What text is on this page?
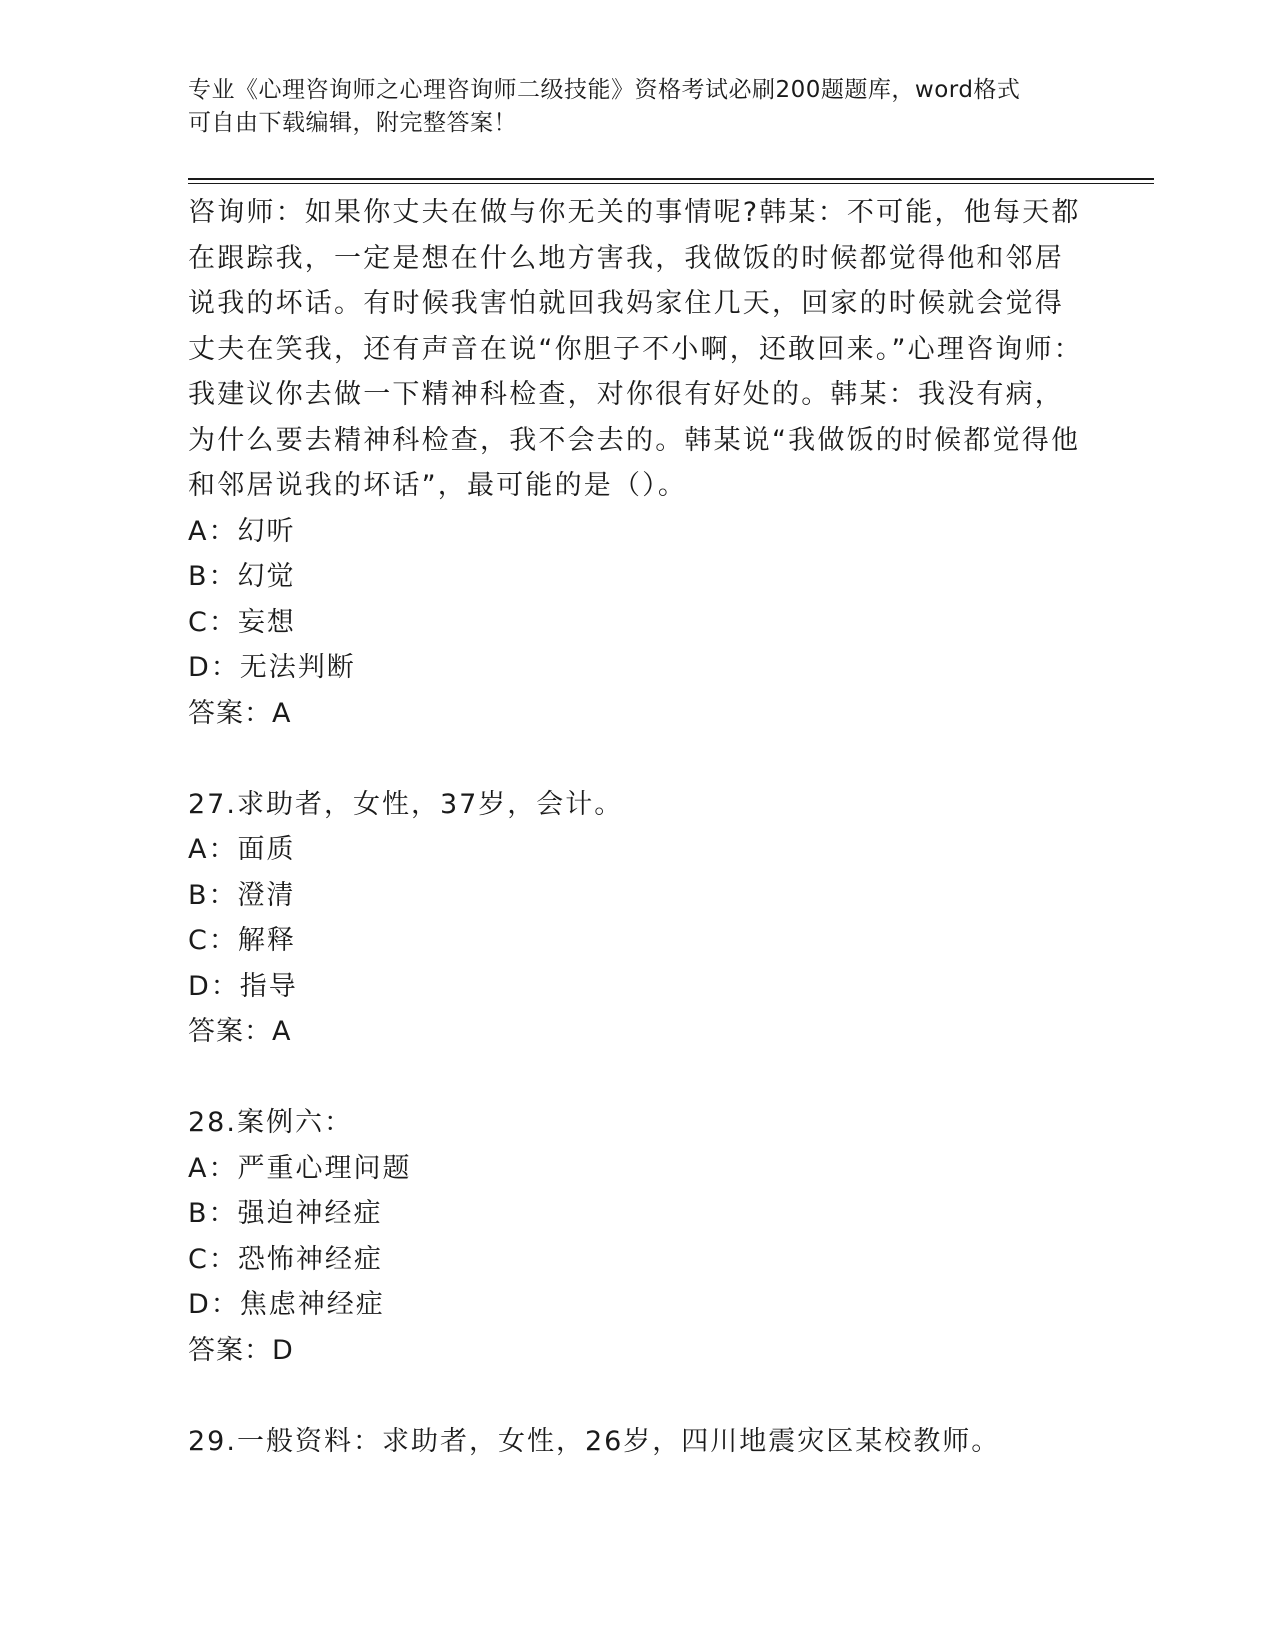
专业《心理咨询师之心理咨询师二级技能》资格考试必刷200题题库，word格式
可自由下载编辑，附完整答案！

咨询师：如果你丈夫在做与你无关的事情呢?韩某：不可能，他每天都在跟踪我，一定是想在什么地方害我，我做饭的时候都觉得他和邻居说我的坏话。有时候我害怕就回我妈家住几天，回家的时候就会觉得丈夫在笑我，还有声音在说“你胆子不小啊，还敢回来。”心理咨询师：我建议你去做一下精神科检查，对你很有好处的。韩某：我没有病，为什么要去精神科检查，我不会去的。韩某说“我做饭的时候都觉得他和邻居说我的坏话”，最可能的是（）。

A：幻听
B：幻觉
C：妄想
D：无法判断
答案：A
27.求助者，女性，37岁，会计。
A：面质
B：澄清
C：解释
D：指导
答案：A
28.案例六：
A：严重心理问题
B：强迫神经症
C：恐怖神经症
D：焦虑神经症
答案：D
29.一般资料：求助者，女性，26岁，四川地震灾区某校教师。
